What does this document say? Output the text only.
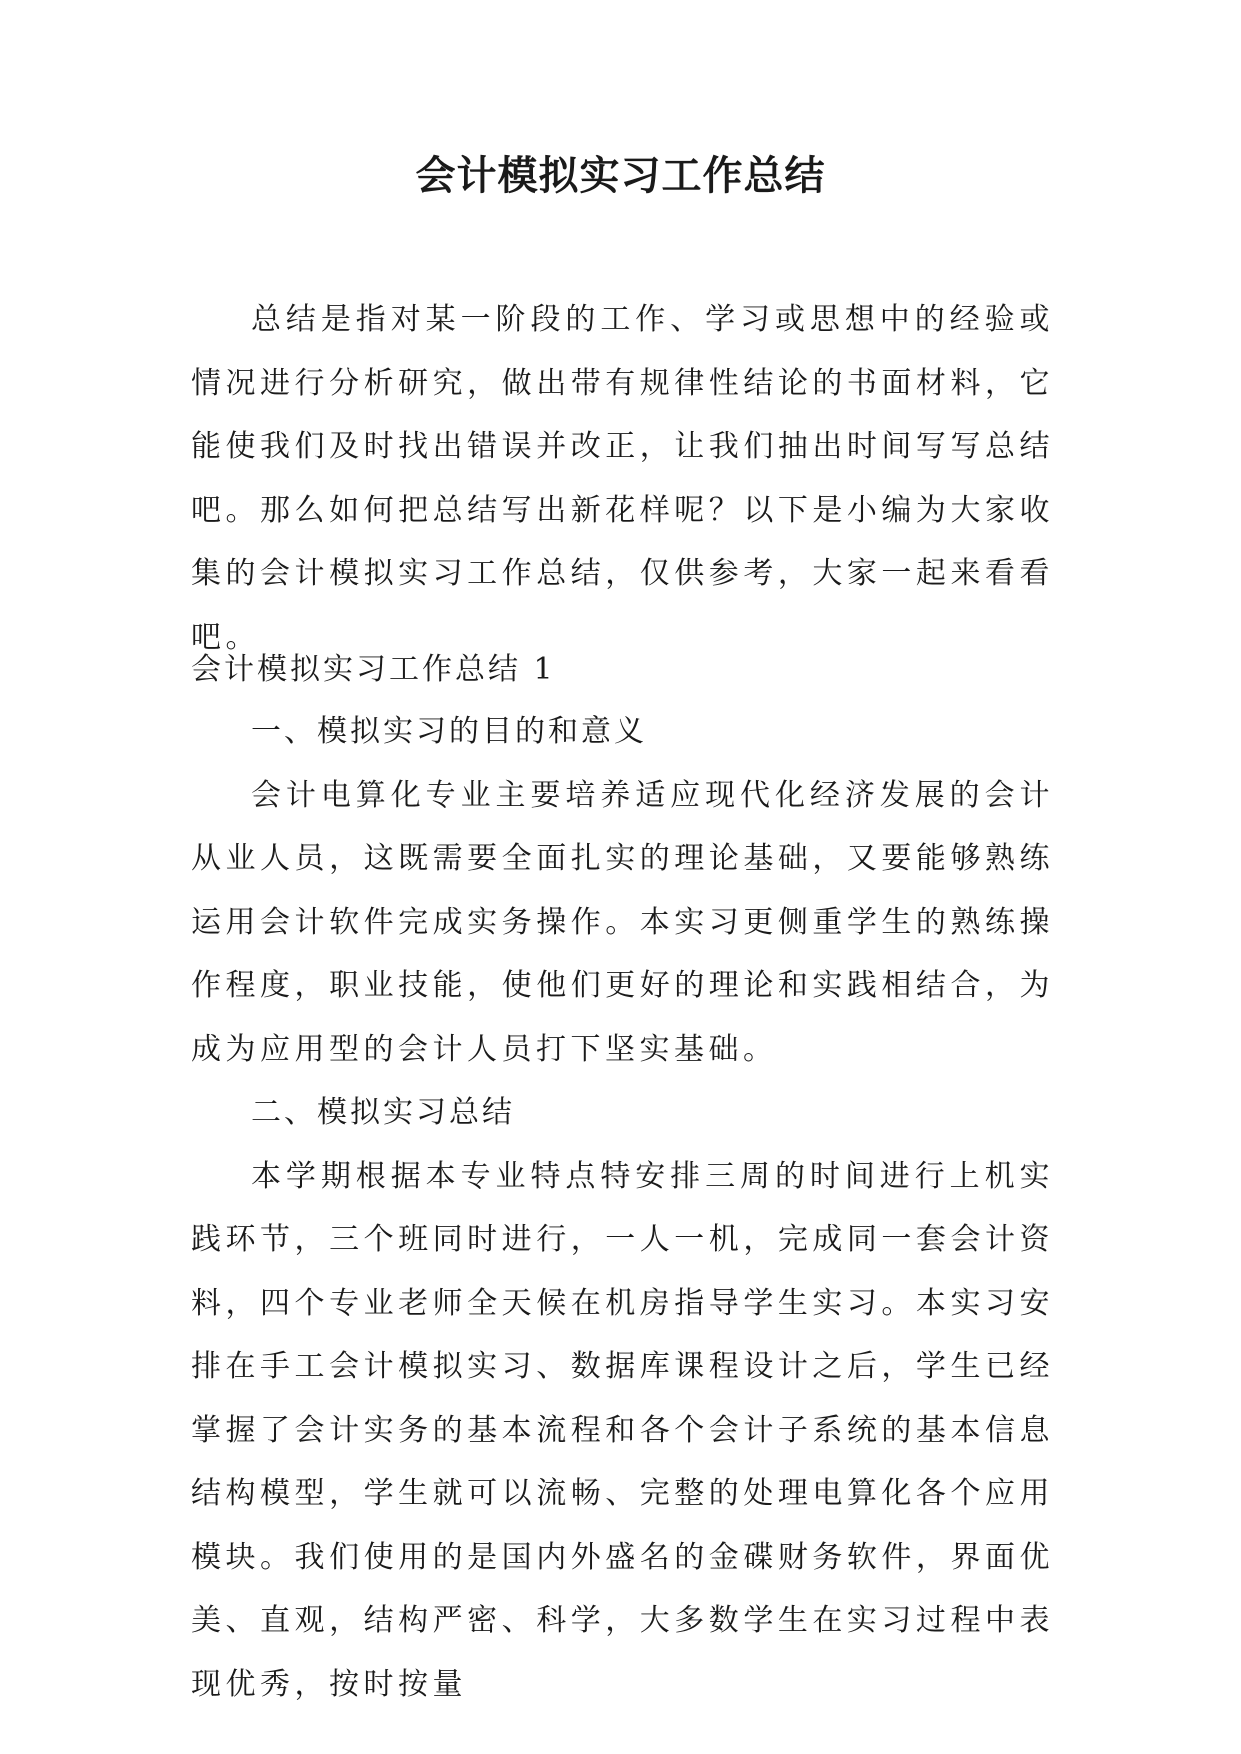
会计模拟实习工作总结

总结是指对某一阶段的工作、学习或思想中的经验或情况进行分析研究，做出带有规律性结论的书面材料，它能使我们及时找出错误并改正，让我们抽出时间写写总结吧。那么如何把总结写出新花样呢？以下是小编为大家收集的会计模拟实习工作总结，仅供参考，大家一起来看看吧。

会计模拟实习工作总结 1

一、模拟实习的目的和意义

会计电算化专业主要培养适应现代化经济发展的会计从业人员，这既需要全面扎实的理论基础，又要能够熟练运用会计软件完成实务操作。本实习更侧重学生的熟练操作程度，职业技能，使他们更好的理论和实践相结合，为成为应用型的会计人员打下坚实基础。

二、模拟实习总结

本学期根据本专业特点特安排三周的时间进行上机实践环节，三个班同时进行，一人一机，完成同一套会计资料，四个专业老师全天候在机房指导学生实习。本实习安排在手工会计模拟实习、数据库课程设计之后，学生已经掌握了会计实务的基本流程和各个会计子系统的基本信息结构模型，学生就可以流畅、完整的处理电算化各个应用模块。我们使用的是国内外盛名的金碟财务软件，界面优美、直观，结构严密、科学，大多数学生在实习过程中表现优秀，按时按量
